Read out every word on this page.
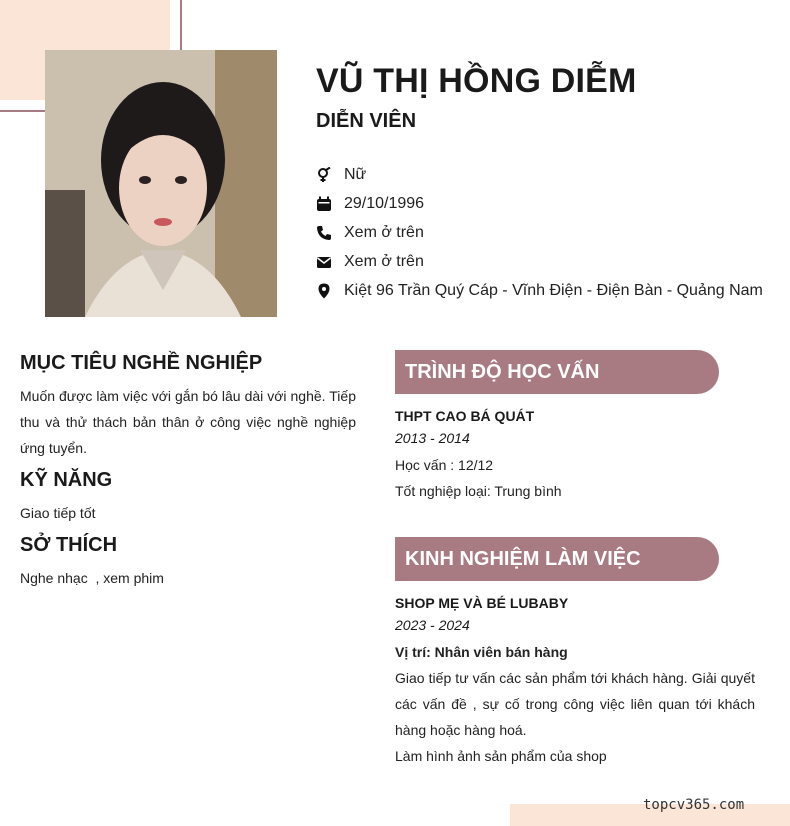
VŨ THỊ HỒNG DIỄM
DIỄN VIÊN
Nữ
29/10/1996
Xem ở trên
Xem ở trên
Kiệt 96 Trần Quý Cáp - Vĩnh Điện - Điện Bàn - Quảng Nam
MỤC TIÊU NGHỀ NGHIỆP

Muốn được làm việc với gắn bó lâu dài với nghề. Tiếp thu và thử thách bản thân ở công việc nghề nghiệp ứng tuyển.

KỸ NĂNG

Giao tiếp tốt

SỞ THÍCH

Nghe nhạc  , xem phim

TRÌNH ĐỘ HỌC VẤN

THPT CAO BÁ QUÁT

2013 - 2014

Học vấn : 12/12

Tốt nghiệp loại: Trung bình

KINH NGHIỆM LÀM VIỆC

SHOP MẸ VÀ BÉ LUBABY

2023 - 2024

Vị trí: Nhân viên bán hàng

Giao tiếp tư vấn các sản phẩm tới khách hàng. Giải quyết các vấn đề , sự cố trong công việc liên quan tới khách hàng hoặc hàng hoá.

Làm hình ảnh sản phẩm của shop

topcv365.com
